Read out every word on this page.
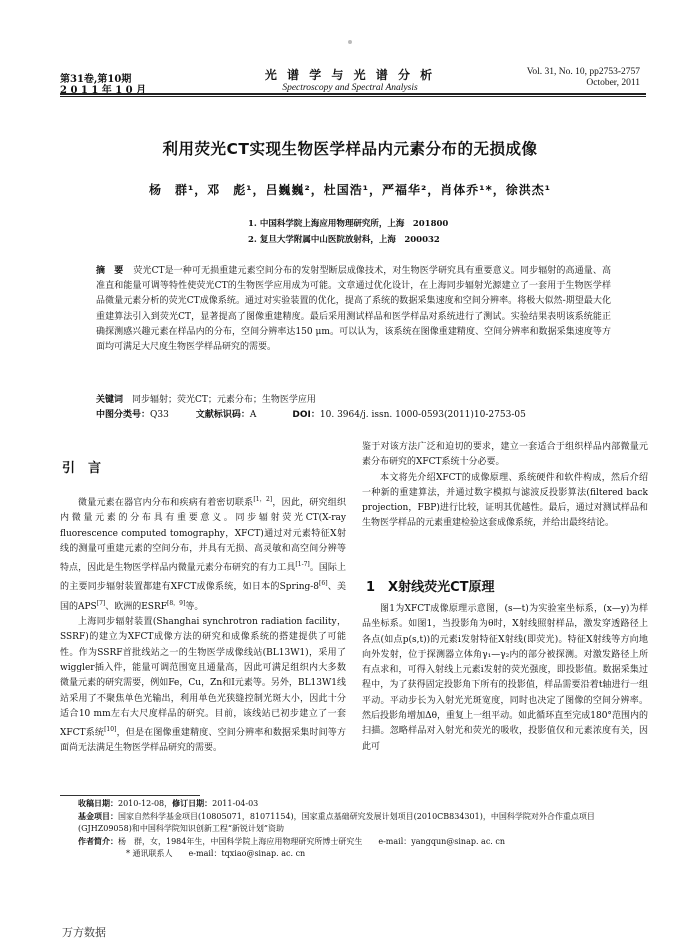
第31卷,第10期
2 0 1 1 年 1 0 月
光 谱 学 与 光 谱 分 析
Spectroscopy and Spectral Analysis
Vol. 31, No. 10, pp2753-2757
October, 2011
利用荧光CT实现生物医学样品内元素分布的无损成像
杨　群¹，邓　彪¹，吕巍巍²，杜国浩¹，严福华²，肖体乔¹*，徐洪杰¹
1. 中国科学院上海应用物理研究所，上海　201800
2. 复旦大学附属中山医院放射科，上海　200032
摘　要 荧光CT是一种可无损重建元素空间分布的发射型断层成像技术，对生物医学研究具有重要意义。同步辐射的高通量、高准直和能量可调等特性使荧光CT的生物医学应用成为可能。文章通过优化设计，在上海同步辐射光源建立了一套用于生物医学样品微量元素分析的荧光CT成像系统。通过对实验装置的优化，提高了系统的数据采集速度和空间分辨率。将极大似然-期望最大化重建算法引入到荧光CT，显著提高了图像重建精度。最后采用测试样品和医学样品对系统进行了测试。实验结果表明该系统能正确探测感兴趣元素在样品内的分布，空间分辨率达150 μm。可以认为，该系统在图像重建精度、空间分辨率和数据采集速度等方面均可满足大尺度生物医学样品研究的需要。
关键词　 同步辐射；荧光CT；元素分布；生物医学应用
中图分类号：Q33　　　	文献标识码：A　　　　	DOI：10. 3964/j. issn. 1000-0593(2011)10-2753-05
引　言

微量元素在器官内分布和疾病有着密切联系[1，2]，因此，研究组织内微量元素的分布具有重要意义。同步辐射荧光CT(X-ray fluorescence computed tomography，XFCT)通过对元素特征X射线的测量可重建元素的空间分布，并具有无损、高灵敏和高空间分辨等特点，因此是生物医学样品内微量元素分布研究的有力工具[1-7]。国际上的主要同步辐射装置都建有XFCT成像系统，如日本的Spring-8[6]、美国的APS[7]、欧洲的ESRF[8，9]等。

上海同步辐射装置(Shanghai synchrotron radiation facility，SSRF)的建立为XFCT成像方法的研究和成像系统的搭建提供了可能性。作为SSRF首批线站之一的生物医学成像线站(BL13W1)，采用了wiggler插入件，能量可调范围宽且通量高，因此可满足组织内大多数微量元素的研究需要，例如Fe，Cu，Zn和I元素等。另外，BL13W1线站采用了不聚焦单色光输出，利用单色光狭缝控制光斑大小，因此十分适合10 mm左右大尺度样品的研究。目前，该线站已初步建立了一套XFCT系统[10]，但是在图像重建精度、空间分辨率和数据采集时间等方面尚无法满足生物医学样品研究的需要。

鉴于对该方法广泛和迫切的要求，建立一套适合于组织样品内部微量元素分布研究的XFCT系统十分必要。

本文将先介绍XFCT的成像原理、系统硬件和软件构成，然后介绍一种新的重建算法，并通过数字模拟与滤波反投影算法(filtered back projection，FBP)进行比较，证明其优越性。最后，通过对测试样品和生物医学样品的元素重建检验这套成像系统，并给出最终结论。

1　X射线荧光CT原理

图1为XFCT成像原理示意图，(s—t)为实验室坐标系，(x—y)为样品坐标系。如图1，当投影角为θ时，X射线照射样品，激发穿透路径上各点(如点p(s,t))的元素i发射特征X射线(即荧光)。特征X射线等方向地向外发射，位于探测器立体角γ₁—γ₂内的部分被探测。对激发路径上所有点求和，可得入射线上元素i发射的荧光强度，即投影值。数据采集过程中，为了获得固定投影角下所有的投影值，样品需要沿着t轴进行一组平动。平动步长为入射光光斑宽度，同时也决定了图像的空间分辨率。然后投影角增加Δθ，重复上一组平动。如此循环直至完成180°范围内的扫描。忽略样品对入射光和荧光的吸收，投影值仅和元素浓度有关，因此可

收稿日期：2010-12-08，修订日期：2011-04-03
基金项目：国家自然科学基金项目(10805071，81071154)，国家重点基础研究发展计划项目(2010CB834301)，中国科学院对外合作重点项目(GJHZ09058)和中国科学院知识创新工程“新锐计划”资助
作者简介：杨　群，女，1984年生，中国科学院上海应用物理研究所博士研究生　　e-mail：yangqun@sinap. ac. cn
* 通讯联系人　　e-mail：tqxiao@sinap. ac. cn
万方数据
